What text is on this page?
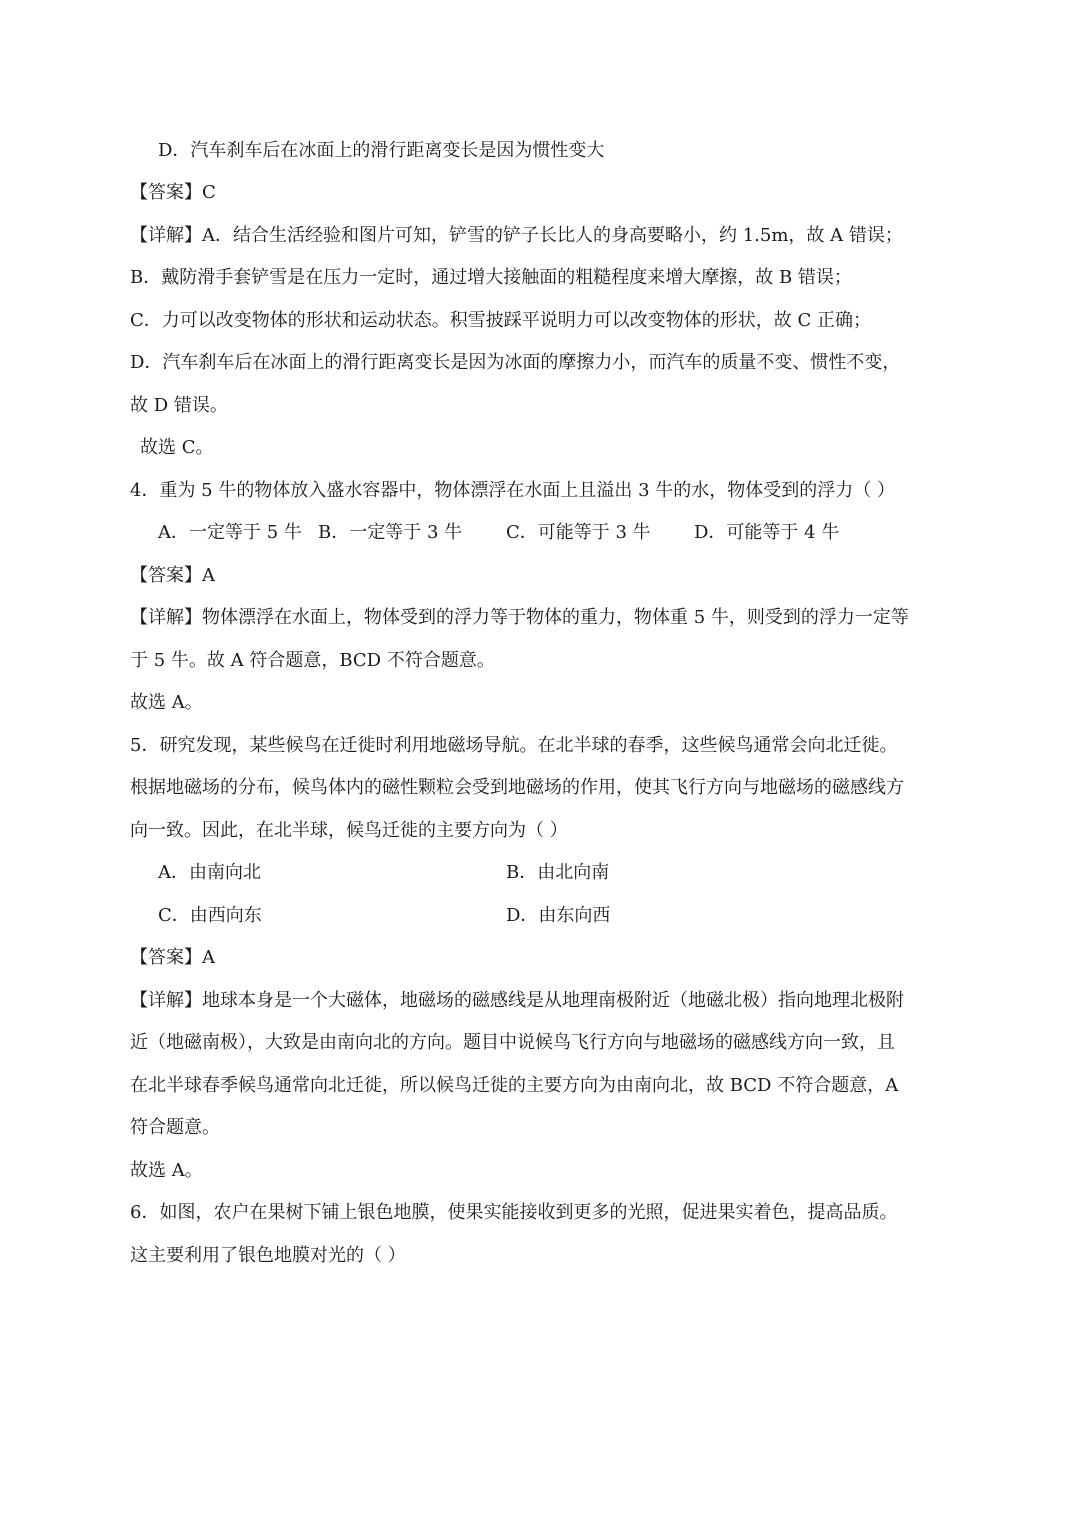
D．汽车刹车后在冰面上的滑行距离变长是因为惯性变大
【答案】C
【详解】A．结合生活经验和图片可知，铲雪的铲子长比人的身高要略小，约 1.5m，故 A 错误；
B．戴防滑手套铲雪是在压力一定时，通过增大接触面的粗糙程度来增大摩擦，故 B 错误；
C．力可以改变物体的形状和运动状态。积雪披踩平说明力可以改变物体的形状，故 C 正确；
D．汽车刹车后在冰面上的滑行距离变长是因为冰面的摩擦力小，而汽车的质量不变、惯性不变，
故 D 错误。
故选 C。
4．重为 5 牛的物体放入盛水容器中，物体漂浮在水面上且溢出 3 牛的水，物体受到的浮力（ ）
A．一定等于 5 牛 B．一定等于 3 牛 C．可能等于 3 牛 D．可能等于 4 牛
【答案】A
【详解】物体漂浮在水面上，物体受到的浮力等于物体的重力，物体重 5 牛，则受到的浮力一定等
于 5 牛。故 A 符合题意，BCD 不符合题意。
故选 A。
5．研究发现，某些候鸟在迁徙时利用地磁场导航。在北半球的春季，这些候鸟通常会向北迁徙。
根据地磁场的分布，候鸟体内的磁性颗粒会受到地磁场的作用，使其飞行方向与地磁场的磁感线方
向一致。因此，在北半球，候鸟迁徙的主要方向为（ ）
A．由南向北	B．由北向南
C．由西向东	D．由东向西
【答案】A
【详解】地球本身是一个大磁体，地磁场的磁感线是从地理南极附近（地磁北极）指向地理北极附
近（地磁南极），大致是由南向北的方向。题目中说候鸟飞行方向与地磁场的磁感线方向一致，且
在北半球春季候鸟通常向北迁徙，所以候鸟迁徙的主要方向为由南向北，故 BCD 不符合题意，A
符合题意。
故选 A。
6．如图，农户在果树下铺上银色地膜，使果实能接收到更多的光照，促进果实着色，提高品质。
这主要利用了银色地膜对光的（ ）
